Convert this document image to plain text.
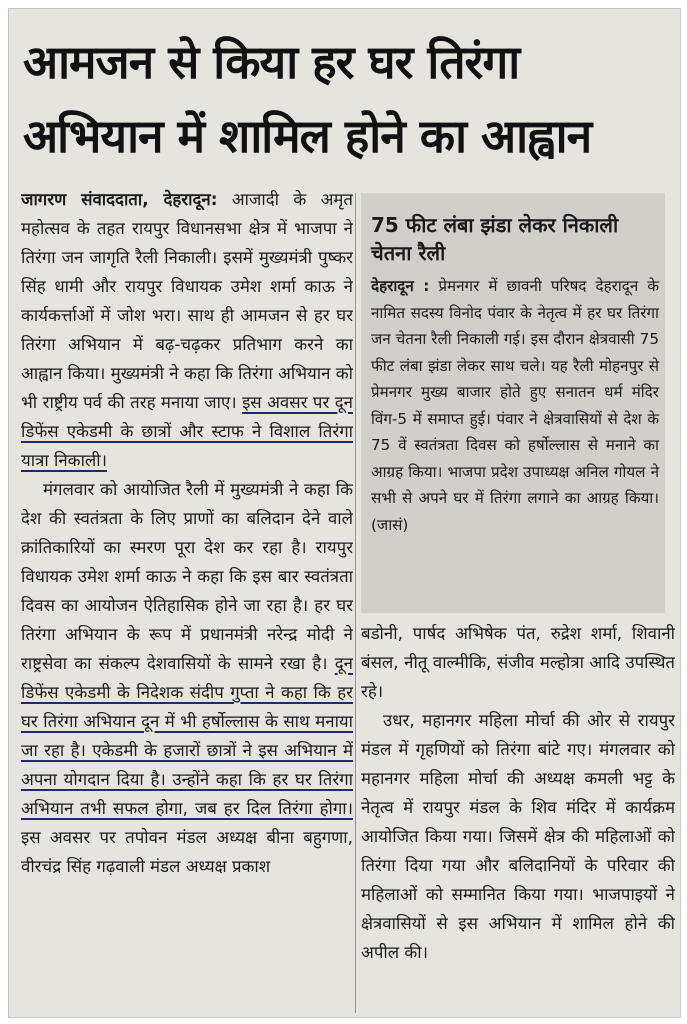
आमजन से किया हर घर तिरंगा
अभियान में शामिल होने का आह्वान

जागरण संवाददाता, देहरादून: आजादी के अमृत महोत्सव के तहत रायपुर विधानसभा क्षेत्र में भाजपा ने तिरंगा जन जागृति रैली निकाली। इसमें मुख्यमंत्री पुष्कर सिंह धामी और रायपुर विधायक उमेश शर्मा काऊ ने कार्यकर्त्ताओं में जोश भरा। साथ ही आमजन से हर घर तिरंगा अभियान में बढ़-चढ़कर प्रतिभाग करने का आह्वान किया। मुख्यमंत्री ने कहा कि तिरंगा अभियान को भी राष्ट्रीय पर्व की तरह मनाया जाए। इस अवसर पर दून डिफेंस एकेडमी के छात्रों और स्टाफ ने विशाल तिरंगा यात्रा निकाली।

मंगलवार को आयोजित रैली में मुख्यमंत्री ने कहा कि देश की स्वतंत्रता के लिए प्राणों का बलिदान देने वाले क्रांतिकारियों का स्मरण पूरा देश कर रहा है। रायपुर विधायक उमेश शर्मा काऊ ने कहा कि इस बार स्वतंत्रता दिवस का आयोजन ऐतिहासिक होने जा रहा है। हर घर तिरंगा अभियान के रूप में प्रधानमंत्री नरेन्द्र मोदी ने राष्ट्रसेवा का संकल्प देशवासियों के सामने रखा है। दून डिफेंस एकेडमी के निदेशक संदीप गुप्ता ने कहा कि हर घर तिरंगा अभियान दून में भी हर्षोल्लास के साथ मनाया जा रहा है। एकेडमी के हजारों छात्रों ने इस अभियान में अपना योगदान दिया है। उन्होंने कहा कि हर घर तिरंगा अभियान तभी सफल होगा, जब हर दिल तिरंगा होगा। इस अवसर पर तपोवन मंडल अध्यक्ष बीना बहुगणा, वीरचंद्र सिंह गढ़वाली मंडल अध्यक्ष प्रकाश

75 फीट लंबा झंडा लेकर निकाली चेतना रैली
देहरादून : प्रेमनगर में छावनी परिषद देहरादून के नामित सदस्य विनोद पंवार के नेतृत्व में हर घर तिरंगा जन चेतना रैली निकाली गई। इस दौरान क्षेत्रवासी 75 फीट लंबा झंडा लेकर साथ चले। यह रैली मोहनपुर से प्रेमनगर मुख्य बाजार होते हुए सनातन धर्म मंदिर विंग-5 में समाप्त हुई। पंवार ने क्षेत्रवासियों से देश के 75 वें स्वतंत्रता दिवस को हर्षोल्लास से मनाने का आग्रह किया। भाजपा प्रदेश उपाध्यक्ष अनिल गोयल ने सभी से अपने घर में तिरंगा लगाने का आग्रह किया। (जासं)

बडोनी, पार्षद अभिषेक पंत, रुद्रेश शर्मा, शिवानी बंसल, नीतू वाल्मीकि, संजीव मल्होत्रा आदि उपस्थित रहे।

उधर, महानगर महिला मोर्चा की ओर से रायपुर मंडल में गृहणियों को तिरंगा बांटे गए। मंगलवार को महानगर महिला मोर्चा की अध्यक्ष कमली भट्ट के नेतृत्व में रायपुर मंडल के शिव मंदिर में कार्यक्रम आयोजित किया गया। जिसमें क्षेत्र की महिलाओं को तिरंगा दिया गया और बलिदानियों के परिवार की महिलाओं को सम्मानित किया गया। भाजपाइयों ने क्षेत्रवासियों से इस अभियान में शामिल होने की अपील की।
